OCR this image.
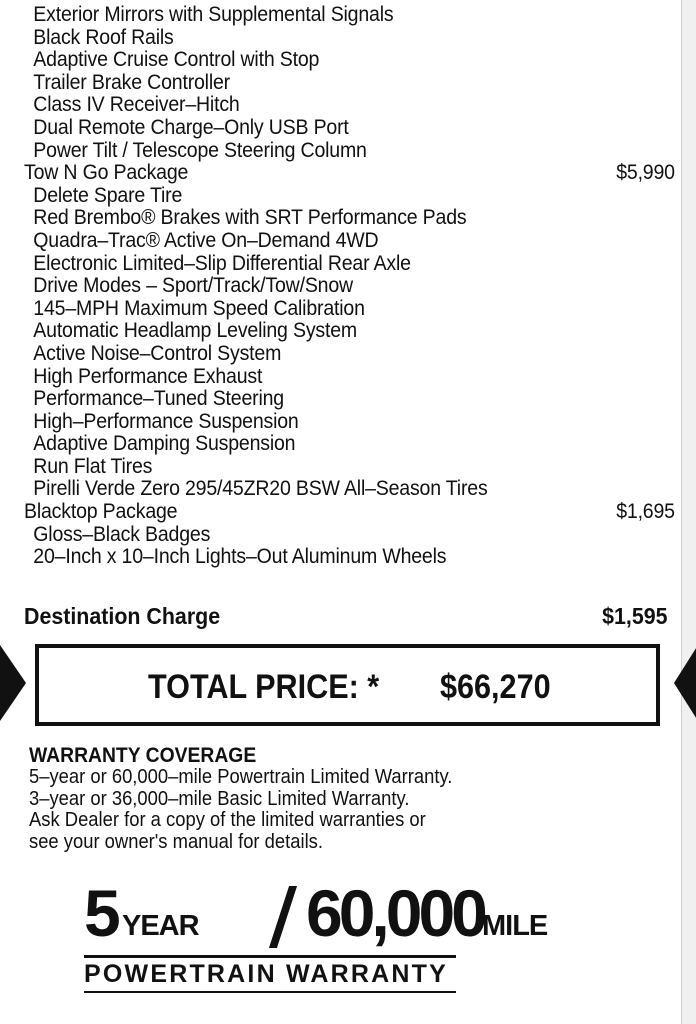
Exterior Mirrors with Supplemental Signals
Black Roof Rails
Adaptive Cruise Control with Stop
Trailer Brake Controller
Class IV Receiver–Hitch
Dual Remote Charge–Only USB Port
Power Tilt / Telescope Steering Column
Tow N Go Package	$5,990
Delete Spare Tire
Red Brembo® Brakes with SRT Performance Pads
Quadra–Trac® Active On–Demand 4WD
Electronic Limited–Slip Differential Rear Axle
Drive Modes – Sport/Track/Tow/Snow
145–MPH Maximum Speed Calibration
Automatic Headlamp Leveling System
Active Noise–Control System
High Performance Exhaust
Performance–Tuned Steering
High–Performance Suspension
Adaptive Damping Suspension
Run Flat Tires
Pirelli Verde Zero 295/45ZR20 BSW All–Season Tires
Blacktop Package	$1,695
Gloss–Black Badges
20–Inch x 10–Inch Lights–Out Aluminum Wheels
Destination Charge	$1,595
TOTAL PRICE: * $66,270
WARRANTY COVERAGE
5–year or 60,000–mile Powertrain Limited Warranty.
3–year or 36,000–mile Basic Limited Warranty.
Ask Dealer for a copy of the limited warranties or
see your owner's manual for details.
5 YEAR 60,000
MILE
POWERTRAIN WARRANTY
